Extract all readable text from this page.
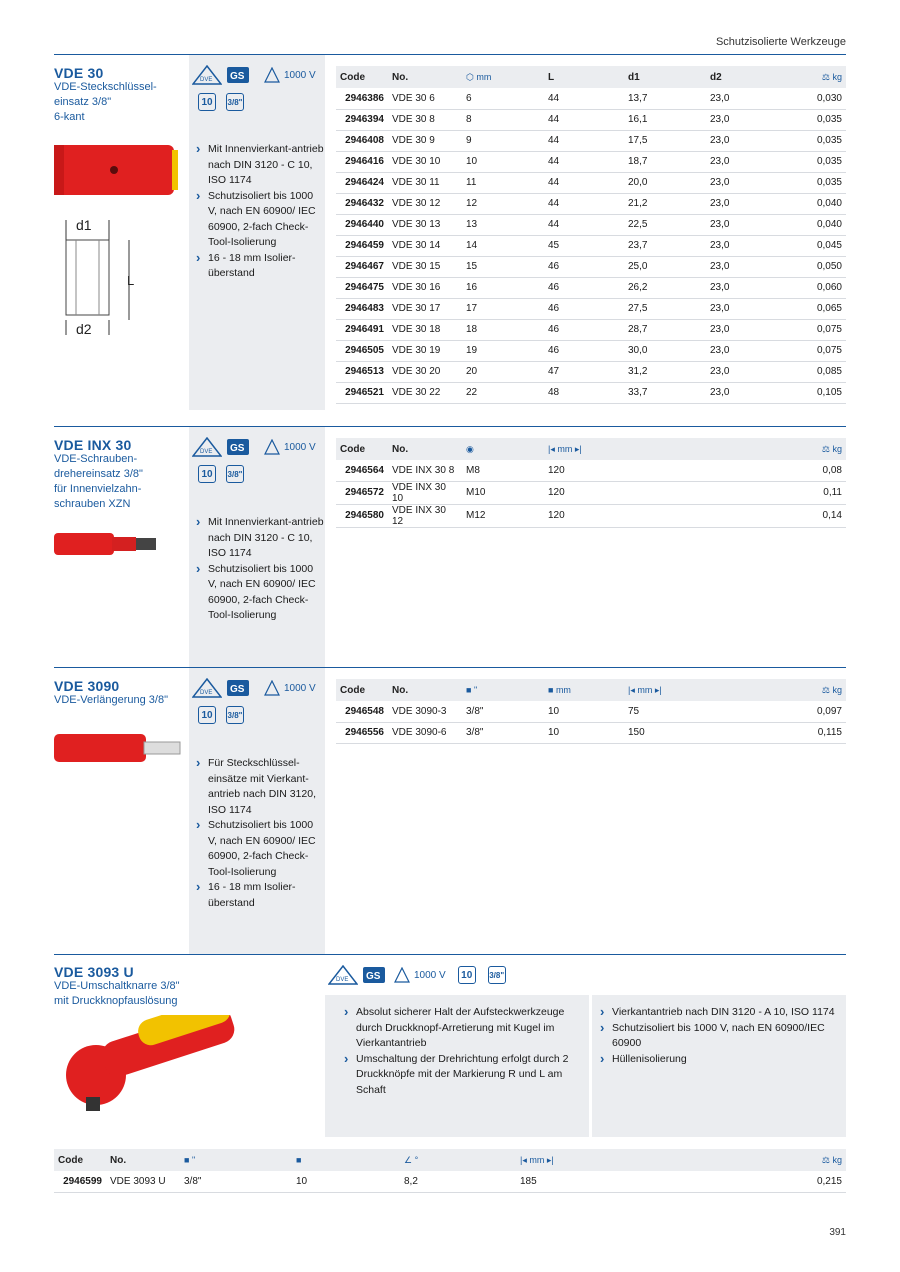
Schutzisolierte Werkzeuge
VDE 30
VDE-Steckschlüssel-
einsatz 3/8"
6-kant
d1
L
d2
DVE GS	1000 V
10	3/8"
› Mit Innenvierkant-antrieb nach DIN 3120 - C 10, ISO 1174
› Schutzisoliert bis 1000 V, nach EN 60900/ IEC 60900, 2-fach Check-Tool-Isolierung
› 16 - 18 mm Isolier-überstand
Code	No.	⬡ mm	L	d1	d2	⚖ kg
2946386	VDE 30 6	6	44	13,7	23,0	0,030
2946394	VDE 30 8	8	44	16,1	23,0	0,035
2946408	VDE 30 9	9	44	17,5	23,0	0,035
2946416	VDE 30 10	10	44	18,7	23,0	0,035
2946424	VDE 30 11	11	44	20,0	23,0	0,035
2946432	VDE 30 12	12	44	21,2	23,0	0,040
2946440	VDE 30 13	13	44	22,5	23,0	0,040
2946459	VDE 30 14	14	45	23,7	23,0	0,045
2946467	VDE 30 15	15	46	25,0	23,0	0,050
2946475	VDE 30 16	16	46	26,2	23,0	0,060
2946483	VDE 30 17	17	46	27,5	23,0	0,065
2946491	VDE 30 18	18	46	28,7	23,0	0,075
2946505	VDE 30 19	19	46	30,0	23,0	0,075
2946513	VDE 30 20	20	47	31,2	23,0	0,085
2946521	VDE 30 22	22	48	33,7	23,0	0,105
VDE INX 30
VDE-Schrauben-
drehereinsatz 3/8"
für Innenvielzahn-
schrauben XZN
DVE GS	1000 V
10	3/8"
› Mit Innenvierkant-antrieb nach DIN 3120 - C 10, ISO 1174
› Schutzisoliert bis 1000 V, nach EN 60900/ IEC 60900, 2-fach Check-Tool-Isolierung
Code	No.	◉	|◂ mm ▸|	⚖ kg
2946564	VDE INX 30 8	M8	120	0,08
2946572	VDE INX 30 10	M10	120	0,11
2946580	VDE INX 30 12	M12	120	0,14
VDE 3090
VDE-Verlängerung 3/8"
DVE GS	1000 V
10	3/8"
› Für Steckschlüssel-einsätze mit Vierkant-antrieb nach DIN 3120, ISO 1174
› Schutzisoliert bis 1000 V, nach EN 60900/ IEC 60900, 2-fach Check-Tool-Isolierung
› 16 - 18 mm Isolier-überstand
Code	No.	■ "	■ mm	|◂ mm ▸|	⚖ kg
2946548	VDE 3090-3	3/8"	10	75	0,097
2946556	VDE 3090-6	3/8"	10	150	0,115
VDE 3093 U
VDE-Umschaltknarre 3/8"
mit Druckknopfauslösung
DVE GS	1000 V	10	3/8"
› Absolut sicherer Halt der Aufsteckwerkzeuge durch Druckknopf-Arretierung mit Kugel im Vierkantantrieb
› Umschaltung der Drehrichtung erfolgt durch 2 Druckknöpfe mit der Markierung R und L am Schaft
› Vierkantantrieb nach DIN 3120 - A 10, ISO 1174
› Schutzisoliert bis 1000 V, nach EN 60900/IEC 60900
› Hüllenisolierung
Code	No.	■ "	■	∠ °	|◂ mm ▸|	⚖ kg
2946599	VDE 3093 U	3/8"	10	8,2	185	0,215
391
